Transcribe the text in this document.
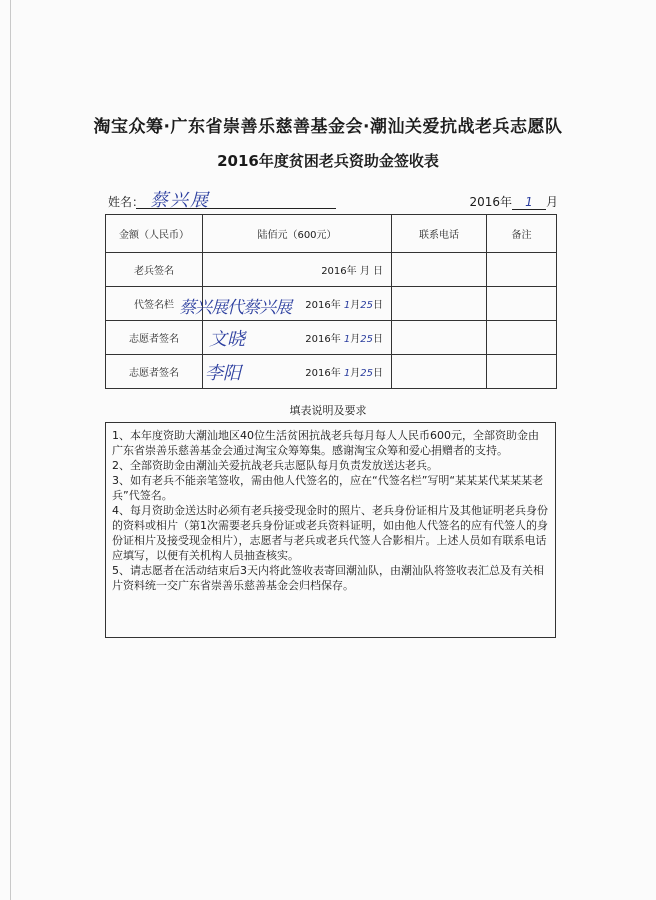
淘宝众筹·广东省崇善乐慈善基金会·潮汕关爱抗战老兵志愿队
2016年度贫困老兵资助金签收表
姓名： 蔡兴展	2016年 1 月
金额（人民币）	陆佰元（600元）	联系电话	备注
老兵签名	2016年 月 日		
代签名栏	蔡兴展代蔡兴展 2016年 1月25日		
志愿者签名	文晓 2016年 1月25日		
志愿者签名	李阳 2016年 1月25日		
填表说明及要求

1、本年度资助大潮汕地区40位生活贫困抗战老兵每月每人人民币600元，全部资助金由广东省崇善乐慈善基金会通过淘宝众筹筹集。感谢淘宝众筹和爱心捐赠者的支持。

2、全部资助金由潮汕关爱抗战老兵志愿队每月负责发放送达老兵。

3、如有老兵不能亲笔签收，需由他人代签名的，应在“代签名栏”写明“某某某代某某某老兵”代签名。

4、每月资助金送达时必须有老兵接受现金时的照片、老兵身份证相片及其他证明老兵身份的资料或相片（第1次需要老兵身份证或老兵资料证明，如由他人代签名的应有代签人的身份证相片及接受现金相片），志愿者与老兵或老兵代签人合影相片。上述人员如有联系电话应填写，以便有关机构人员抽查核实。

5、请志愿者在活动结束后3天内将此签收表寄回潮汕队，由潮汕队将签收表汇总及有关相片资料统一交广东省崇善乐慈善基金会归档保存。
